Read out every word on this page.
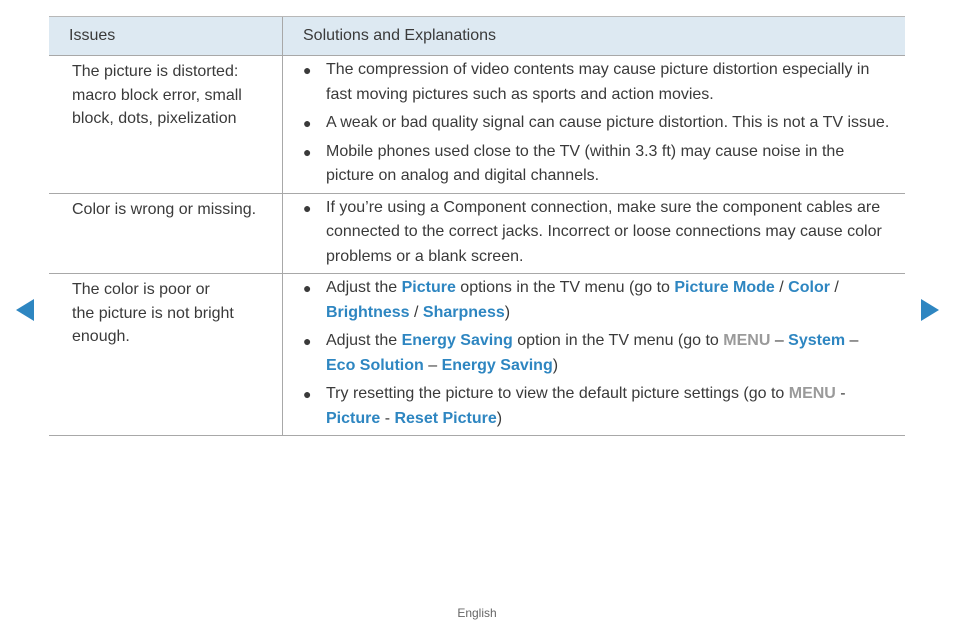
Issues	Solutions and Explanations
The picture is distorted:
macro block error, small
block, dots, pixelization
● The compression of video contents may cause picture distortion especially in fast moving pictures such as sports and action movies.
● A weak or bad quality signal can cause picture distortion. This is not a TV issue.
● Mobile phones used close to the TV (within 3.3 ft) may cause noise in the picture on analog and digital channels.
Color is wrong or missing.	● If you’re using a Component connection, make sure the component cables are connected to the correct jacks. Incorrect or loose connections may cause color problems or a blank screen.
The color is poor or
the picture is not bright
enough.
● Adjust the Picture options in the TV menu (go to Picture Mode / Color / Brightness / Sharpness)
● Adjust the Energy Saving option in the TV menu (go to MENU – System – Eco Solution – Energy Saving)
● Try resetting the picture to view the default picture settings (go to MENU - Picture - Reset Picture)
English
